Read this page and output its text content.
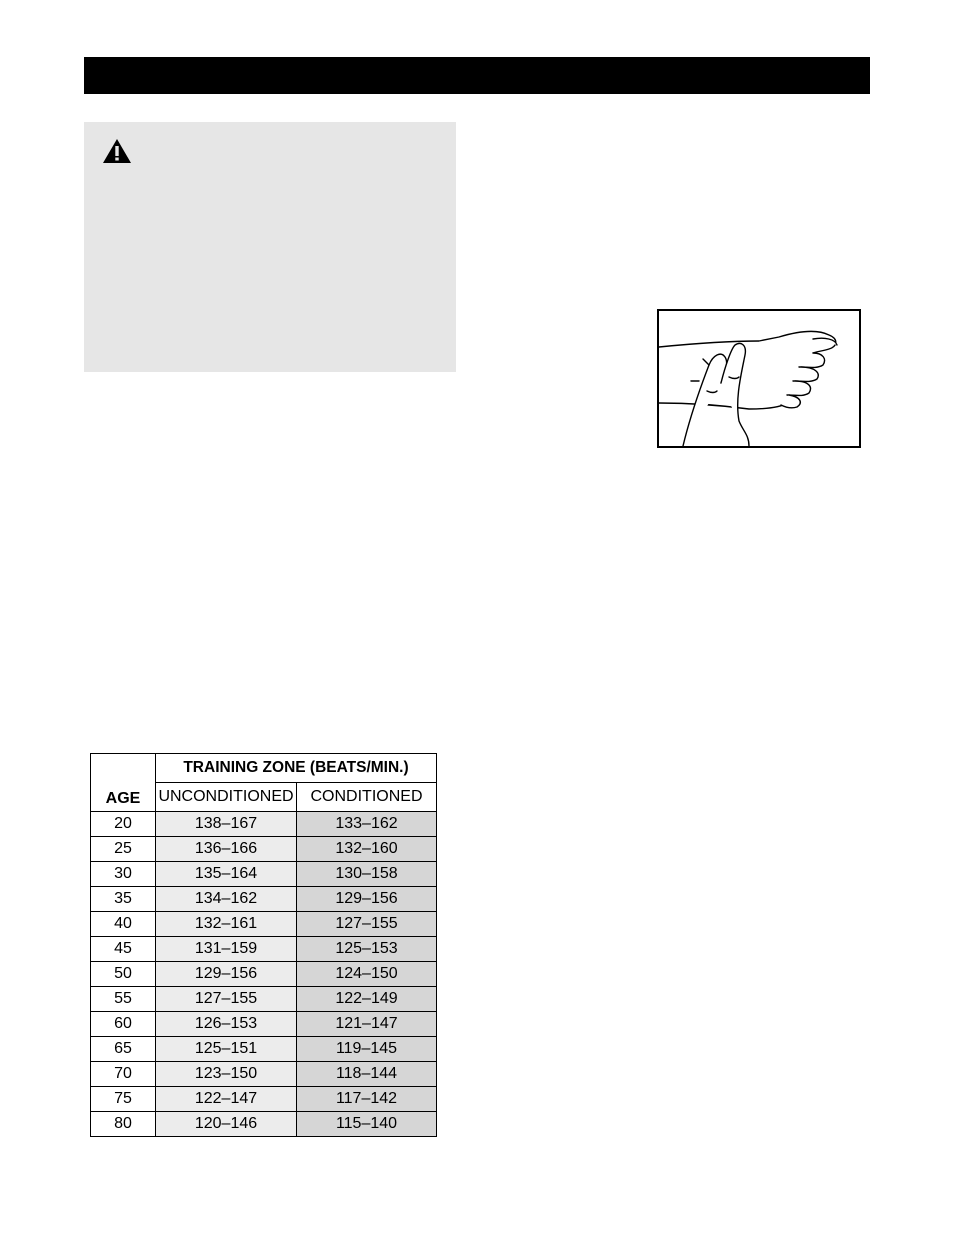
AGE	TRAINING ZONE (BEATS/MIN.)	
	UNCONDITIONED	CONDITIONED
20	138–167	133–162
25	136–166	132–160
30	135–164	130–158
35	134–162	129–156
40	132–161	127–155
45	131–159	125–153
50	129–156	124–150
55	127–155	122–149
60	126–153	121–147
65	125–151	119–145
70	123–150	118–144
75	122–147	117–142
80	120–146	115–140
